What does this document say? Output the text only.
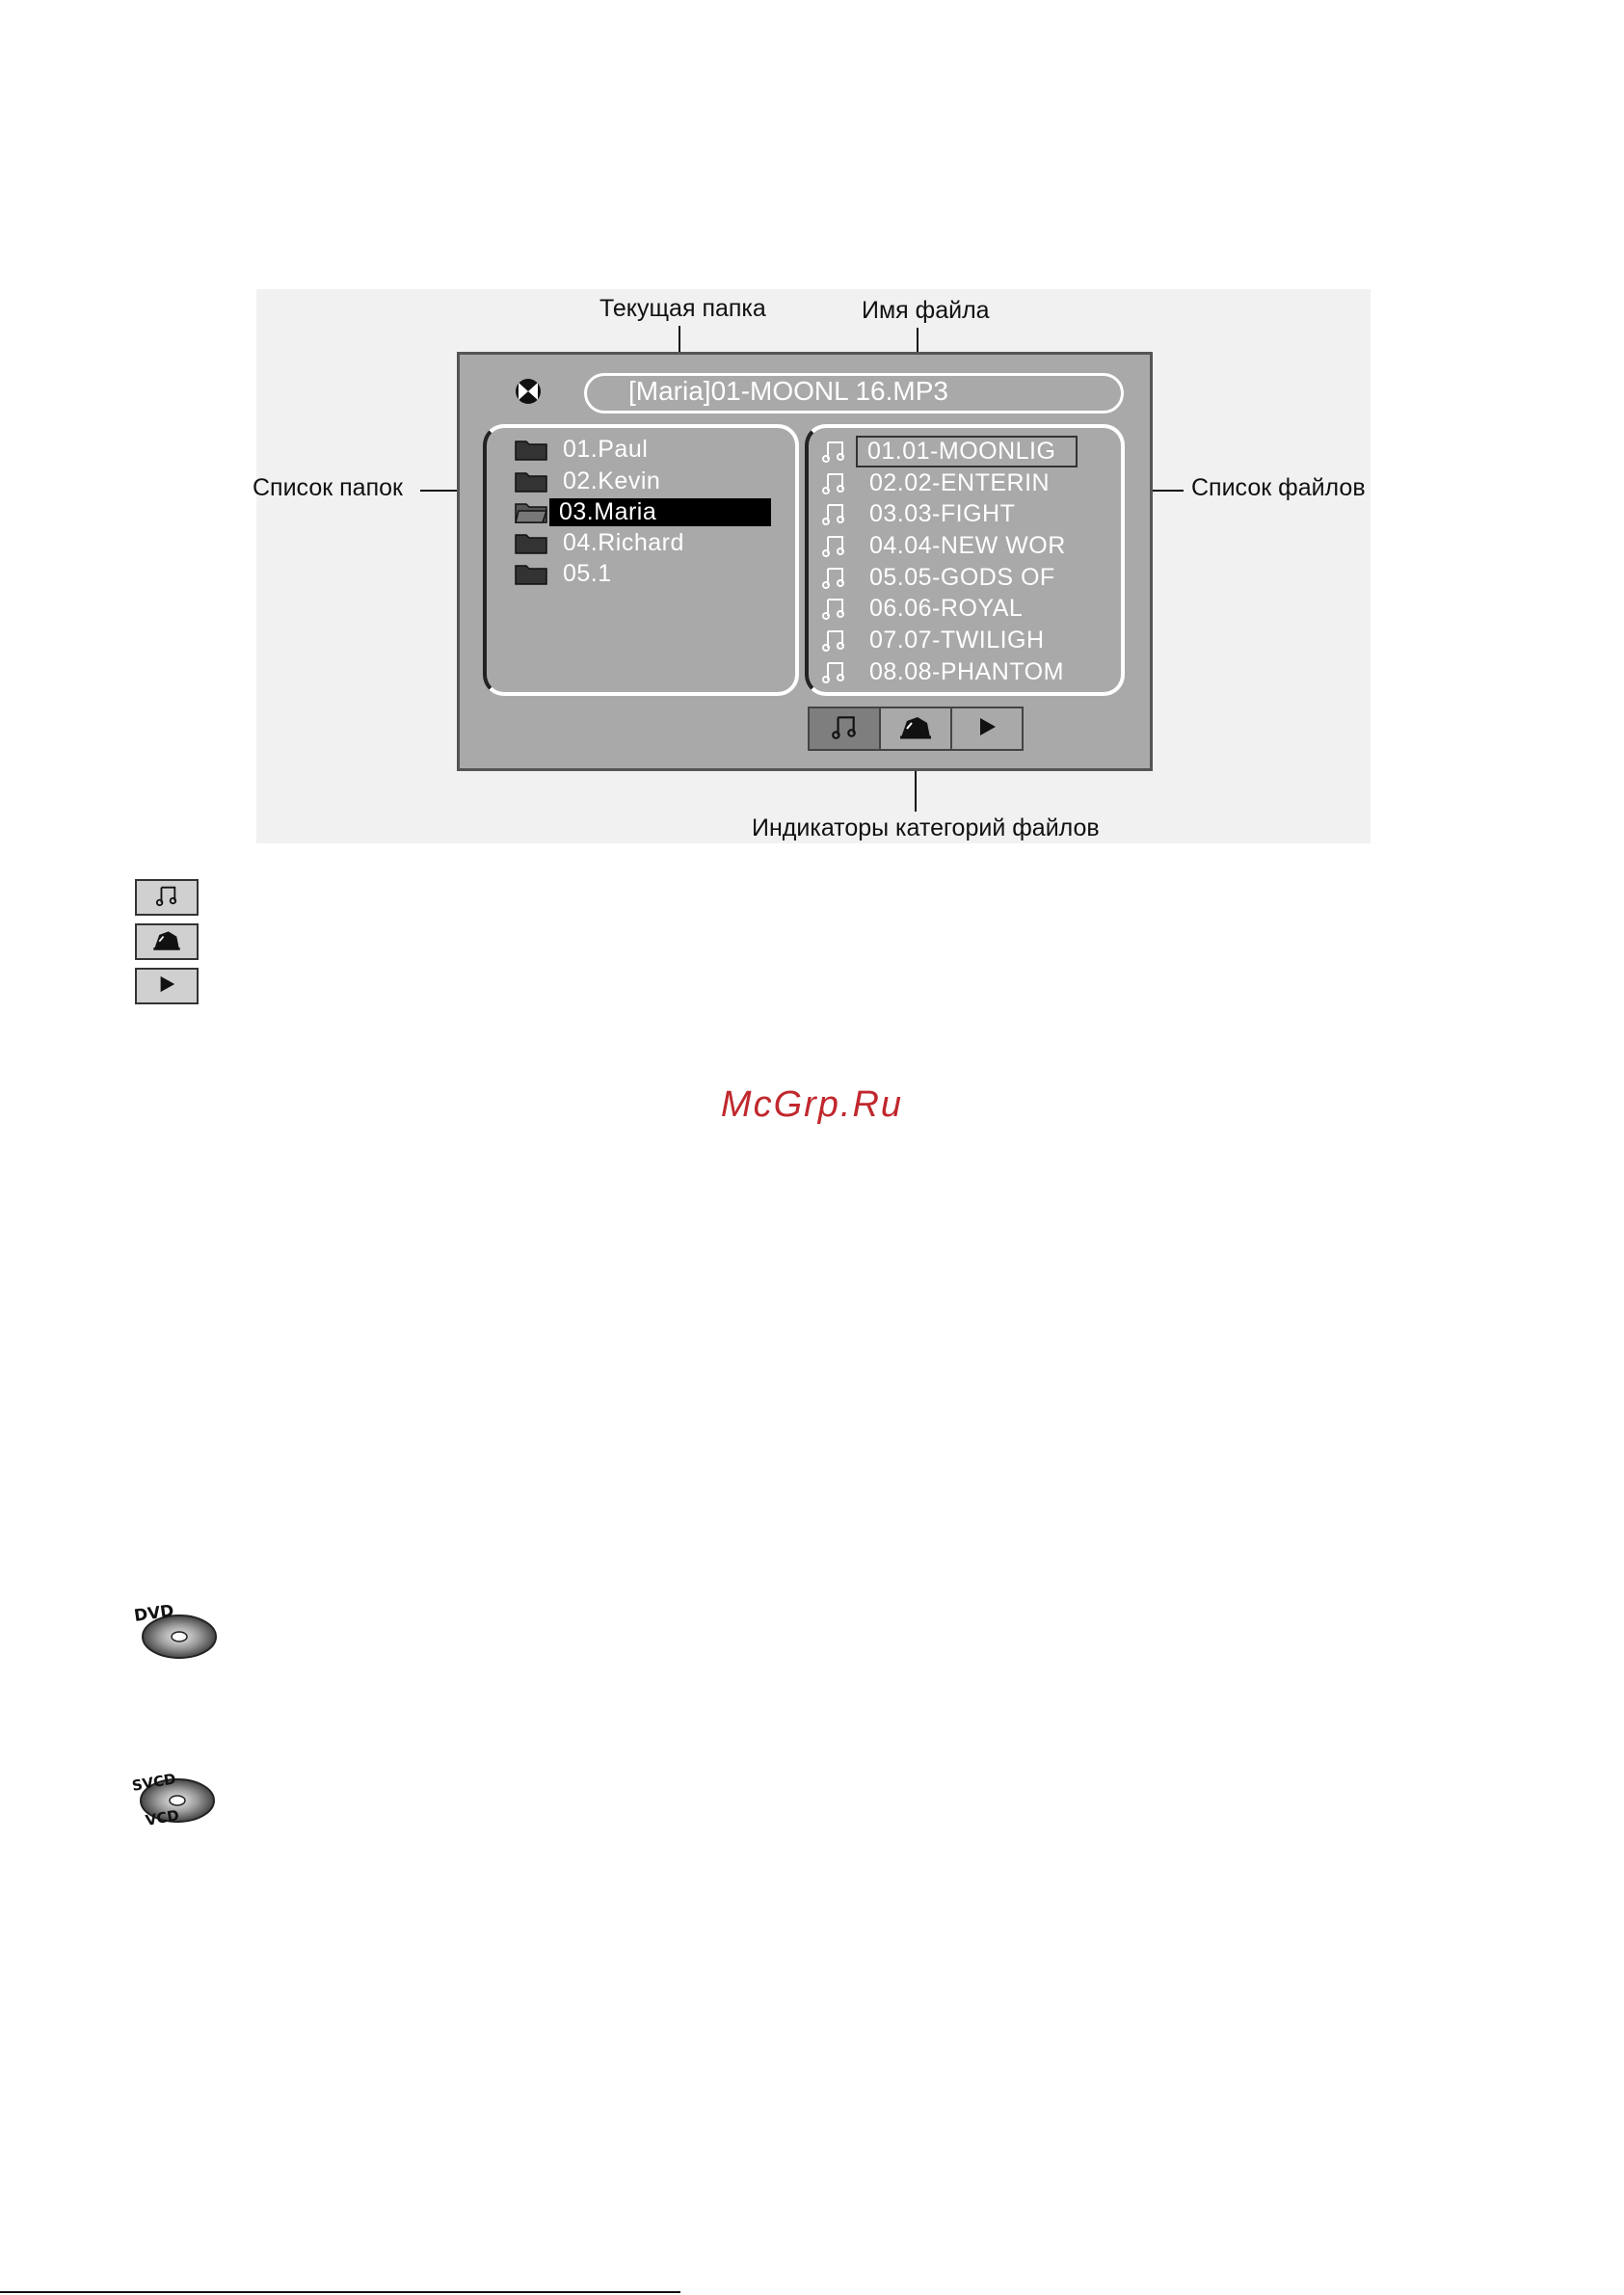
Текущая папка	Имя файла
Список папок	Список файлов
Индикаторы категорий файлов
[Maria]01-MOONL 16.MP3
01.Paul
02.Kevin
03.Maria
04.Richard
05.1
01.01-MOONLIG
02.02-ENTERIN
03.03-FIGHT
04.04-NEW WOR
05.05-GODS OF
06.06-ROYAL
07.07-TWILIGH
08.08-PHANTOM
McGrp.Ru
DVD
SVCD
VCD
